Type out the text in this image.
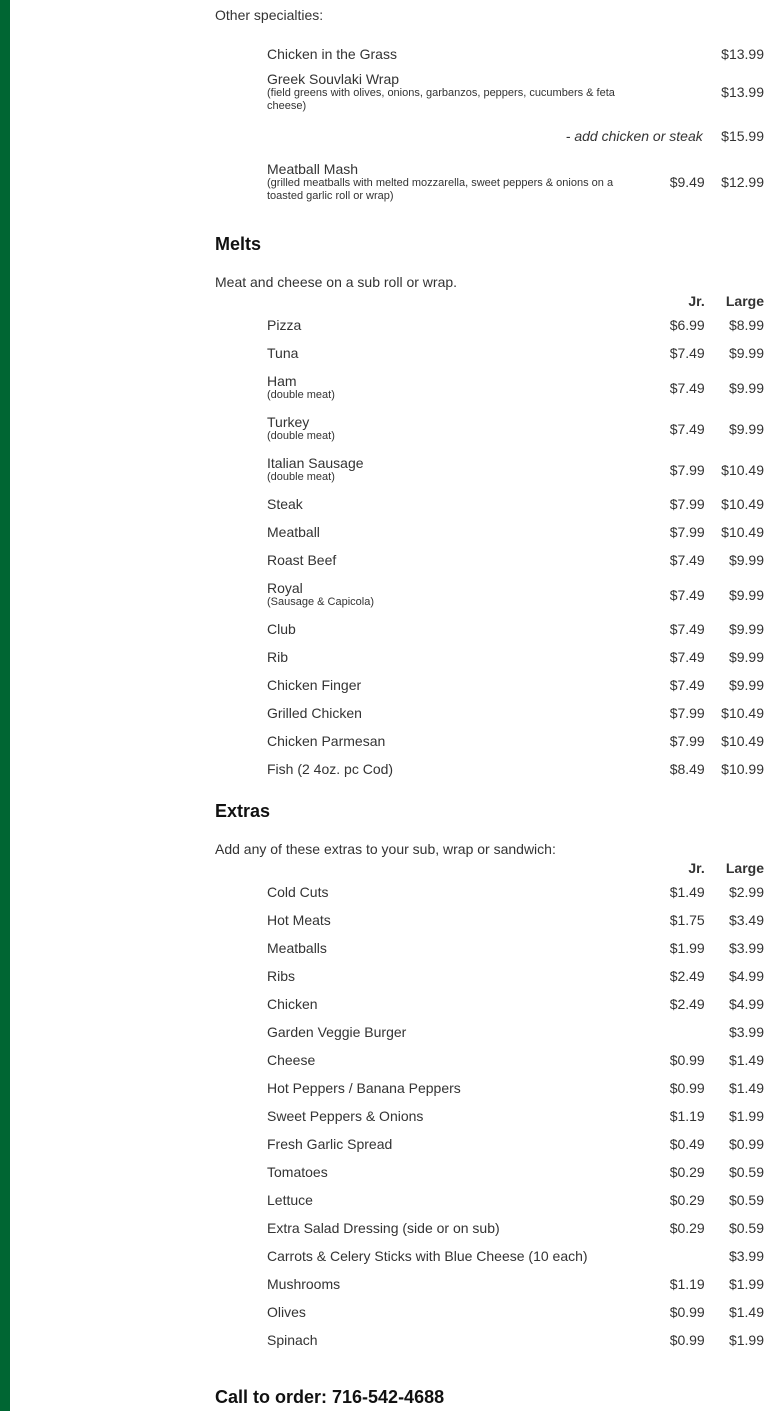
Other specialties:
Chicken in the Grass		$13.99

Greek Souvlaki Wrap
(field greens with olives, onions, garbanzos, peppers, cucumbers & feta cheese)		$13.99
- add chicken or steak		$15.99
Meatball Mash
(grilled meatballs with melted mozzarella, sweet peppers & onions on a toasted garlic roll or wrap)	$9.49	$12.99
Melts
Meat and cheese on a sub roll or wrap.
	Jr.	Large
Pizza	$6.99	$8.99
Tuna	$7.49	$9.99
Ham
(double meat)	$7.49	$9.99
Turkey
(double meat)	$7.49	$9.99
Italian Sausage
(double meat)	$7.99	$10.49
Steak	$7.99	$10.49
Meatball	$7.99	$10.49
Roast Beef	$7.49	$9.99
Royal
(Sausage & Capicola)	$7.49	$9.99
Club	$7.49	$9.99
Rib	$7.49	$9.99
Chicken Finger	$7.49	$9.99
Grilled Chicken	$7.99	$10.49
Chicken Parmesan	$7.99	$10.49
Fish (2 4oz. pc Cod)	$8.49	$10.99
Extras
Add any of these extras to your sub, wrap or sandwich:
	Jr.	Large
Cold Cuts	$1.49	$2.99
Hot Meats	$1.75	$3.49
Meatballs	$1.99	$3.99
Ribs	$2.49	$4.99
Chicken	$2.49	$4.99
Garden Veggie Burger		$3.99
Cheese	$0.99	$1.49
Hot Peppers / Banana Peppers	$0.99	$1.49
Sweet Peppers & Onions	$1.19	$1.99
Fresh Garlic Spread	$0.49	$0.99
Tomatoes	$0.29	$0.59
Lettuce	$0.29	$0.59
Extra Salad Dressing (side or on sub)	$0.29	$0.59
Carrots & Celery Sticks with Blue Cheese (10 each)		$3.99
Mushrooms	$1.19	$1.99
Olives	$0.99	$1.49
Spinach	$0.99	$1.99
Call to order: 716-542-4688
